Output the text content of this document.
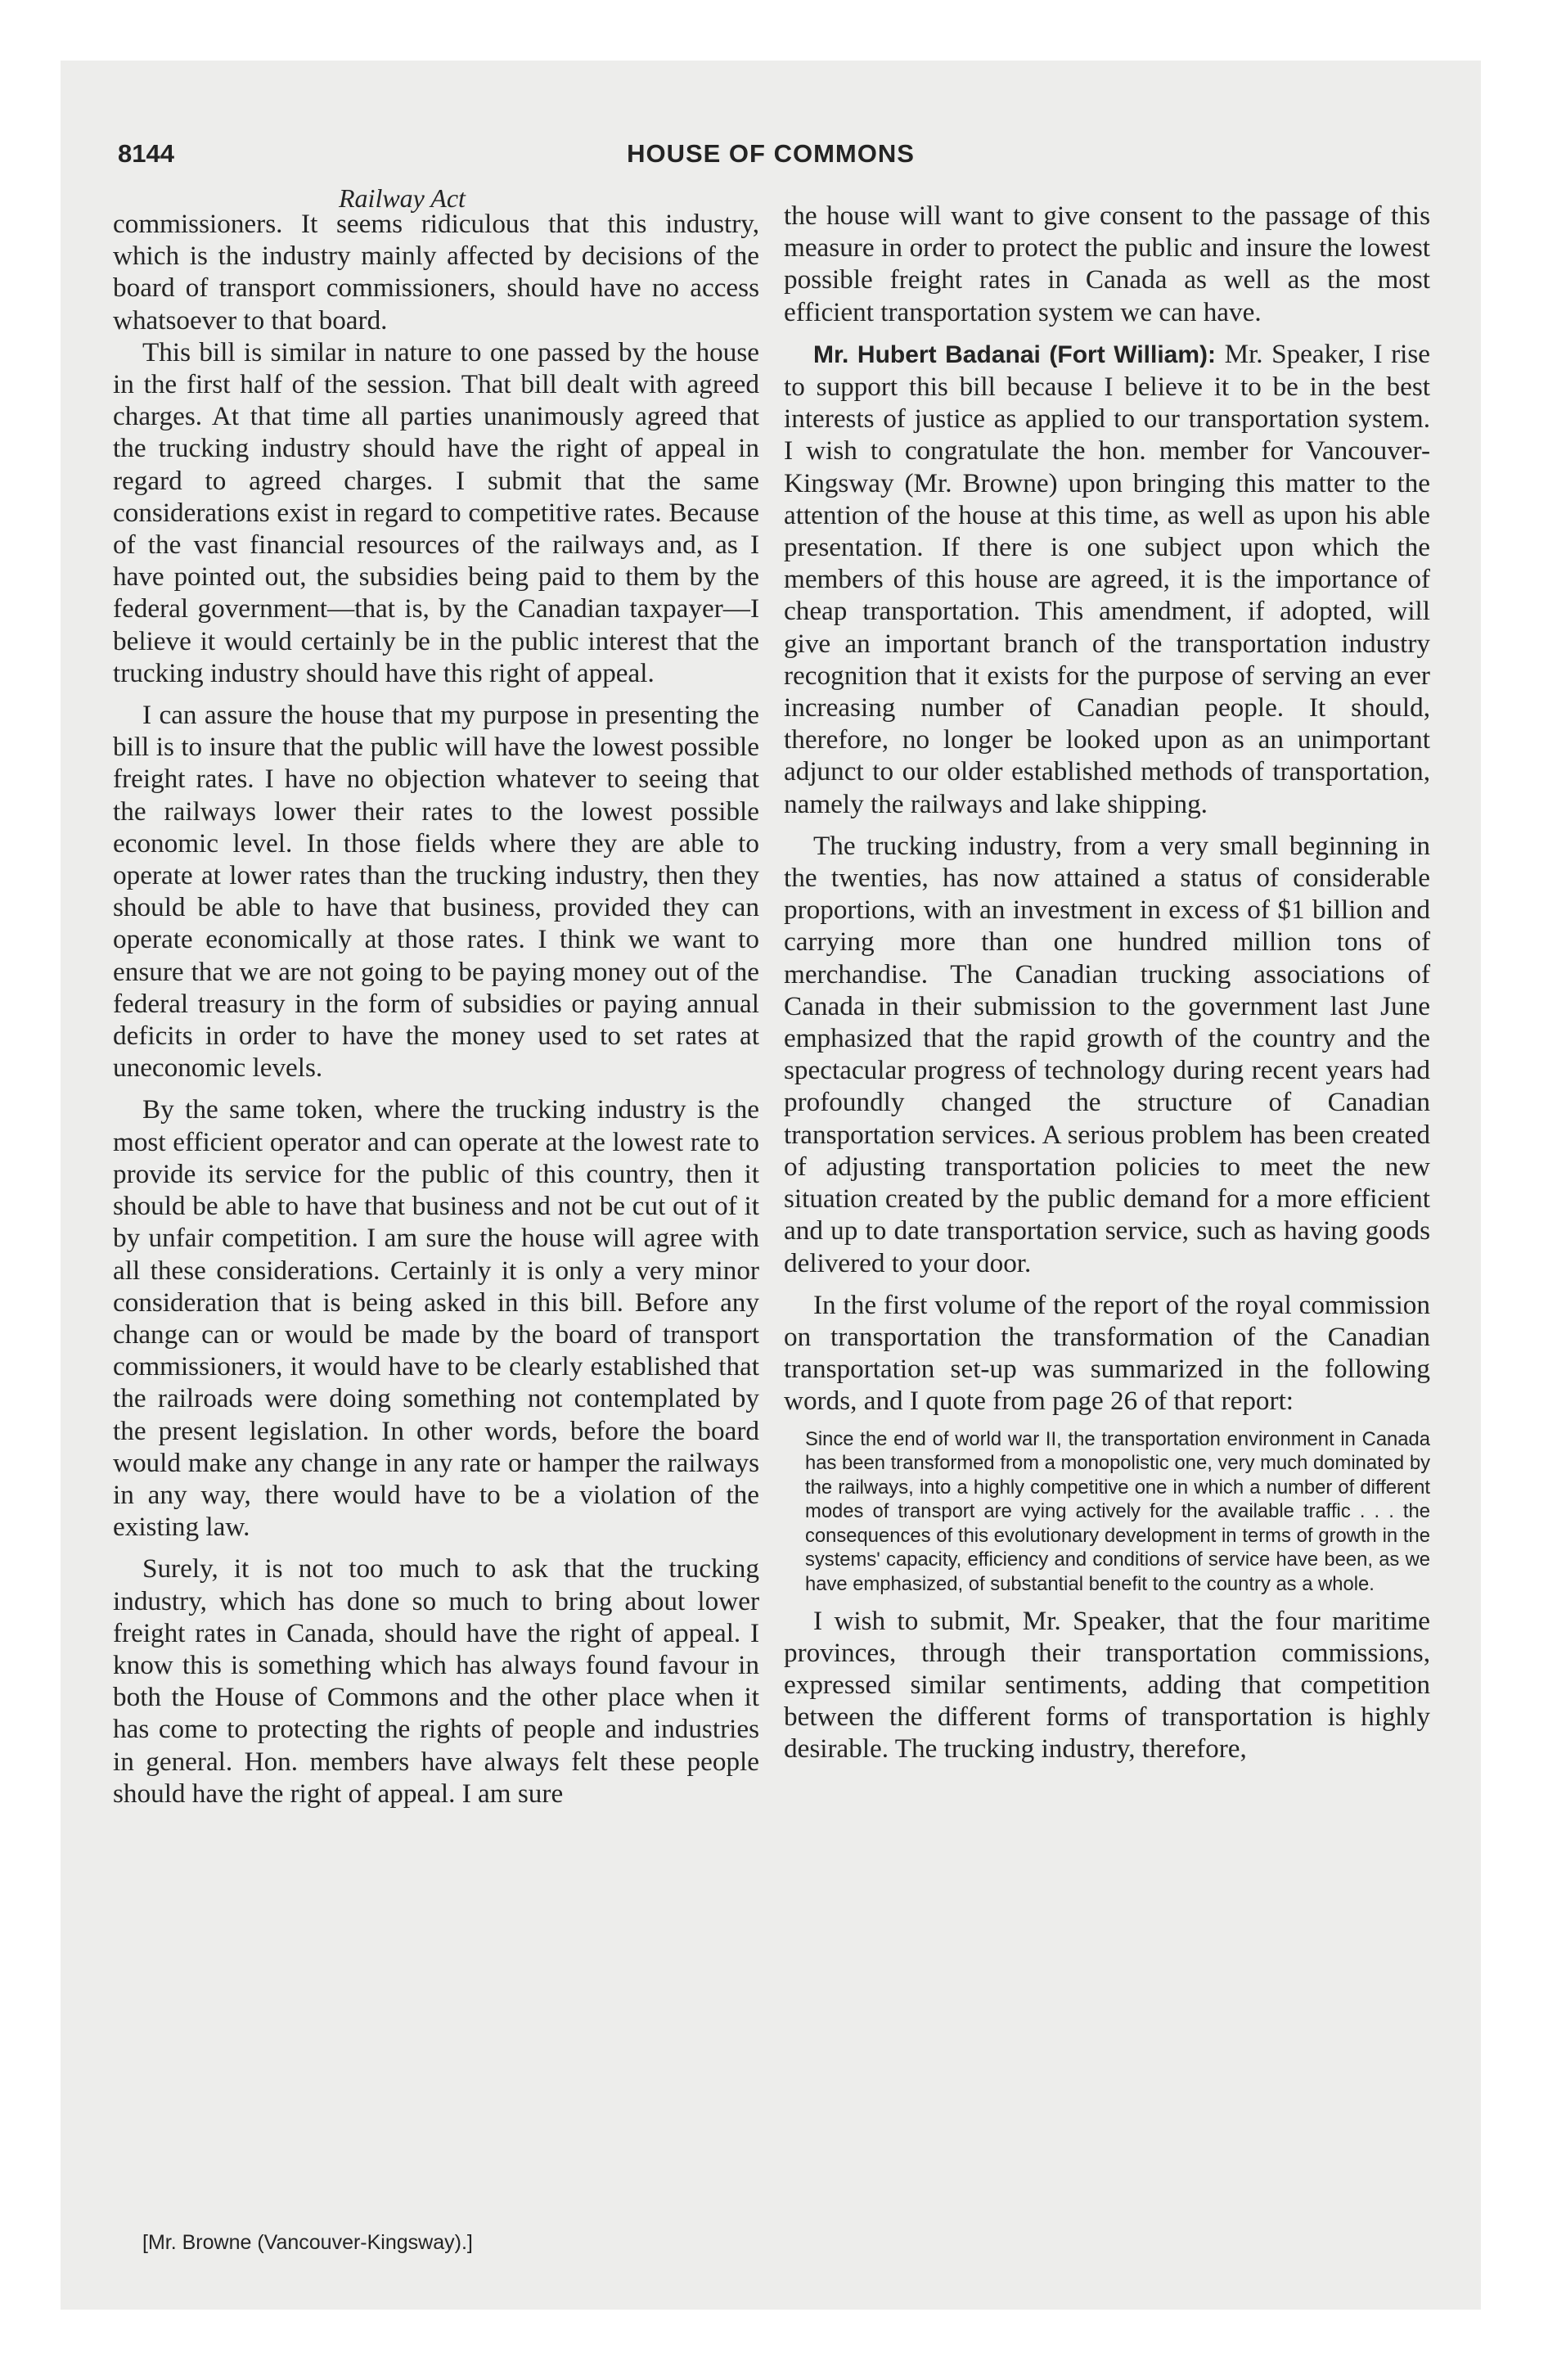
8144	HOUSE OF COMMONS
Railway Act

commissioners. It seems ridiculous that this industry, which is the industry mainly affected by decisions of the board of transport commissioners, should have no access whatsoever to that board.

This bill is similar in nature to one passed by the house in the first half of the session. That bill dealt with agreed charges. At that time all parties unanimously agreed that the trucking industry should have the right of appeal in regard to agreed charges. I submit that the same considerations exist in regard to competitive rates. Because of the vast financial resources of the railways and, as I have pointed out, the subsidies being paid to them by the federal government—that is, by the Canadian taxpayer—I believe it would certainly be in the public interest that the trucking industry should have this right of appeal.

I can assure the house that my purpose in presenting the bill is to insure that the public will have the lowest possible freight rates. I have no objection whatever to seeing that the railways lower their rates to the lowest possible economic level. In those fields where they are able to operate at lower rates than the trucking industry, then they should be able to have that business, provided they can operate economically at those rates. I think we want to ensure that we are not going to be paying money out of the federal treasury in the form of subsidies or paying annual deficits in order to have the money used to set rates at uneconomic levels.

By the same token, where the trucking industry is the most efficient operator and can operate at the lowest rate to provide its service for the public of this country, then it should be able to have that business and not be cut out of it by unfair competition. I am sure the house will agree with all these considerations. Certainly it is only a very minor consideration that is being asked in this bill. Before any change can or would be made by the board of transport commissioners, it would have to be clearly established that the railroads were doing something not contemplated by the present legislation. In other words, before the board would make any change in any rate or hamper the railways in any way, there would have to be a violation of the existing law.

Surely, it is not too much to ask that the trucking industry, which has done so much to bring about lower freight rates in Canada, should have the right of appeal. I know this is something which has always found favour in both the House of Commons and the other place when it has come to protecting the rights of people and industries in general. Hon. members have always felt these people should have the right of appeal. I am sure

[Mr. Browne (Vancouver-Kingsway).]

the house will want to give consent to the passage of this measure in order to protect the public and insure the lowest possible freight rates in Canada as well as the most efficient transportation system we can have.

Mr. Hubert Badanai (Fort William): Mr. Speaker, I rise to support this bill because I believe it to be in the best interests of justice as applied to our transportation system. I wish to congratulate the hon. member for Vancouver-Kingsway (Mr. Browne) upon bringing this matter to the attention of the house at this time, as well as upon his able presentation. If there is one subject upon which the members of this house are agreed, it is the importance of cheap transportation. This amendment, if adopted, will give an important branch of the transportation industry recognition that it exists for the purpose of serving an ever increasing number of Canadian people. It should, therefore, no longer be looked upon as an unimportant adjunct to our older established methods of transportation, namely the railways and lake shipping.

The trucking industry, from a very small beginning in the twenties, has now attained a status of considerable proportions, with an investment in excess of $1 billion and carrying more than one hundred million tons of merchandise. The Canadian trucking associations of Canada in their submission to the government last June emphasized that the rapid growth of the country and the spectacular progress of technology during recent years had profoundly changed the structure of Canadian transportation services. A serious problem has been created of adjusting transportation policies to meet the new situation created by the public demand for a more efficient and up to date transportation service, such as having goods delivered to your door.

In the first volume of the report of the royal commission on transportation the transformation of the Canadian transportation set-up was summarized in the following words, and I quote from page 26 of that report:

Since the end of world war II, the transportation environment in Canada has been transformed from a monopolistic one, very much dominated by the railways, into a highly competitive one in which a number of different modes of transport are vying actively for the available traffic . . . the consequences of this evolutionary development in terms of growth in the systems' capacity, efficiency and conditions of service have been, as we have emphasized, of substantial benefit to the country as a whole.

I wish to submit, Mr. Speaker, that the four maritime provinces, through their transportation commissions, expressed similar sentiments, adding that competition between the different forms of transportation is highly desirable. The trucking industry, therefore,
